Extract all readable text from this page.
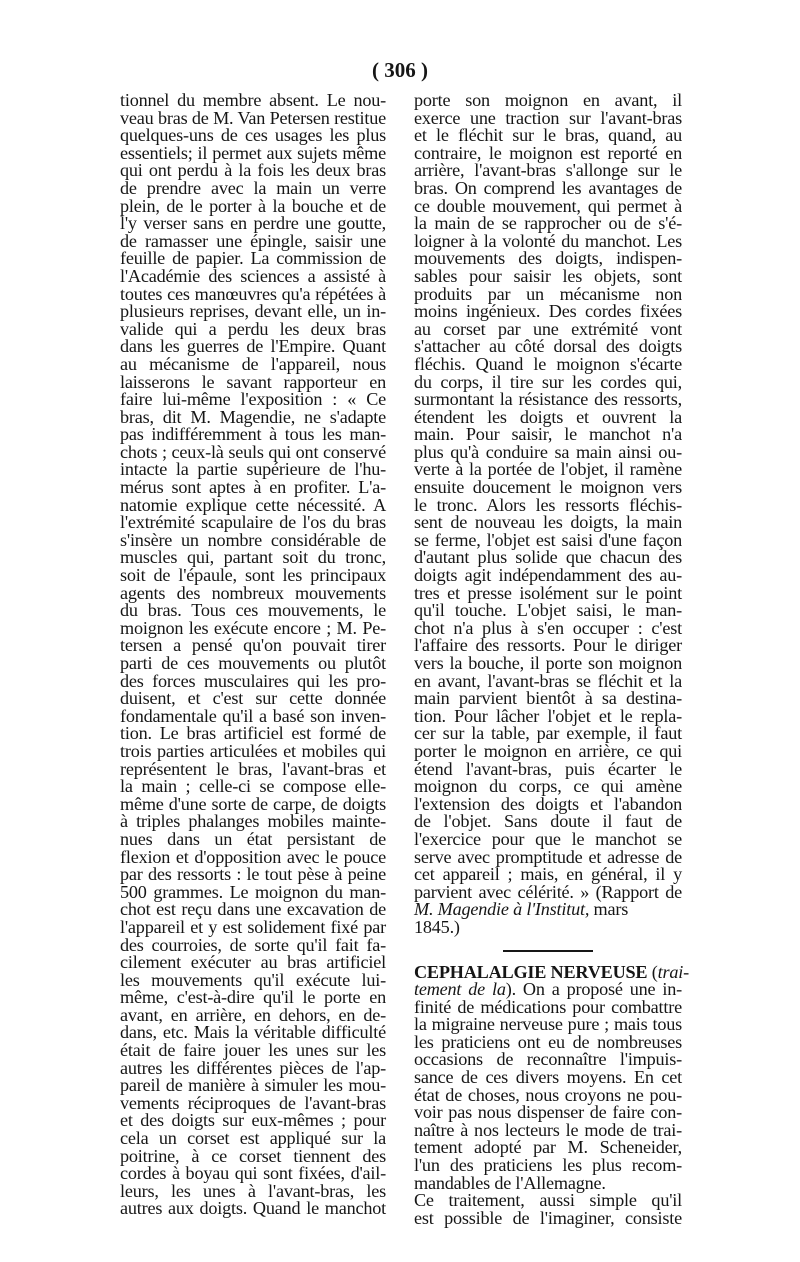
( 306 )
tionnel du membre absent. Le nou-
veau bras de M. Van Petersen restitue
quelques-uns de ces usages les plus
essentiels; il permet aux sujets même
qui ont perdu à la fois les deux bras
de prendre avec la main un verre
plein, de le porter à la bouche et de
l'y verser sans en perdre une goutte,
de ramasser une épingle, saisir une
feuille de papier. La commission de
l'Académie des sciences a assisté à
toutes ces manœuvres qu'a répétées à
plusieurs reprises, devant elle, un in-
valide qui a perdu les deux bras
dans les guerres de l'Empire. Quant
au mécanisme de l'appareil, nous
laisserons le savant rapporteur en
faire lui-même l'exposition : « Ce
bras, dit M. Magendie, ne s'adapte
pas indifféremment à tous les man-
chots ; ceux-là seuls qui ont conservé
intacte la partie supérieure de l'hu-
mérus sont aptes à en profiter. L'a-
natomie explique cette nécessité. A
l'extrémité scapulaire de l'os du bras
s'insère un nombre considérable de
muscles qui, partant soit du tronc,
soit de l'épaule, sont les principaux
agents des nombreux mouvements
du bras. Tous ces mouvements, le
moignon les exécute encore ; M. Pe-
tersen a pensé qu'on pouvait tirer
parti de ces mouvements ou plutôt
des forces musculaires qui les pro-
duisent, et c'est sur cette donnée
fondamentale qu'il a basé son inven-
tion. Le bras artificiel est formé de
trois parties articulées et mobiles qui
représentent le bras, l'avant-bras et
la main ; celle-ci se compose elle-
même d'une sorte de carpe, de doigts
à triples phalanges mobiles mainte-
nues dans un état persistant de
flexion et d'opposition avec le pouce
par des ressorts : le tout pèse à peine
500 grammes. Le moignon du man-
chot est reçu dans une excavation de
l'appareil et y est solidement fixé par
des courroies, de sorte qu'il fait fa-
cilement exécuter au bras artificiel
les mouvements qu'il exécute lui-
même, c'est-à-dire qu'il le porte en
avant, en arrière, en dehors, en de-
dans, etc. Mais la véritable difficulté
était de faire jouer les unes sur les
autres les différentes pièces de l'ap-
pareil de manière à simuler les mou-
vements réciproques de l'avant-bras
et des doigts sur eux-mêmes ; pour
cela un corset est appliqué sur la
poitrine, à ce corset tiennent des
cordes à boyau qui sont fixées, d'ail-
leurs, les unes à l'avant-bras, les
autres aux doigts. Quand le manchot
porte son moignon en avant, il
exerce une traction sur l'avant-bras
et le fléchit sur le bras, quand, au
contraire, le moignon est reporté en
arrière, l'avant-bras s'allonge sur le
bras. On comprend les avantages de
ce double mouvement, qui permet à
la main de se rapprocher ou de s'é-
loigner à la volonté du manchot. Les
mouvements des doigts, indispen-
sables pour saisir les objets, sont
produits par un mécanisme non
moins ingénieux. Des cordes fixées
au corset par une extrémité vont
s'attacher au côté dorsal des doigts
fléchis. Quand le moignon s'écarte
du corps, il tire sur les cordes qui,
surmontant la résistance des ressorts,
étendent les doigts et ouvrent la
main. Pour saisir, le manchot n'a
plus qu'à conduire sa main ainsi ou-
verte à la portée de l'objet, il ramène
ensuite doucement le moignon vers
le tronc. Alors les ressorts fléchis-
sent de nouveau les doigts, la main
se ferme, l'objet est saisi d'une façon
d'autant plus solide que chacun des
doigts agit indépendamment des au-
tres et presse isolément sur le point
qu'il touche. L'objet saisi, le man-
chot n'a plus à s'en occuper : c'est
l'affaire des ressorts. Pour le diriger
vers la bouche, il porte son moignon
en avant, l'avant-bras se fléchit et la
main parvient bientôt à sa destina-
tion. Pour lâcher l'objet et le repla-
cer sur la table, par exemple, il faut
porter le moignon en arrière, ce qui
étend l'avant-bras, puis écarter le
moignon du corps, ce qui amène
l'extension des doigts et l'abandon
de l'objet. Sans doute il faut de
l'exercice pour que le manchot se
serve avec promptitude et adresse de
cet appareil ; mais, en général, il y
parvient avec célérité. » (Rapport de
M. Magendie à l'Institut, mars
1845.)
CEPHALALGIE NERVEUSE (trai-
tement de la). On a proposé une in-
finité de médications pour combattre
la migraine nerveuse pure ; mais tous
les praticiens ont eu de nombreuses
occasions de reconnaître l'impuis-
sance de ces divers moyens. En cet
état de choses, nous croyons ne pou-
voir pas nous dispenser de faire con-
naître à nos lecteurs le mode de trai-
tement adopté par M. Scheneider,
l'un des praticiens les plus recom-
mandables de l'Allemagne.
Ce traitement, aussi simple qu'il
est possible de l'imaginer, consiste
